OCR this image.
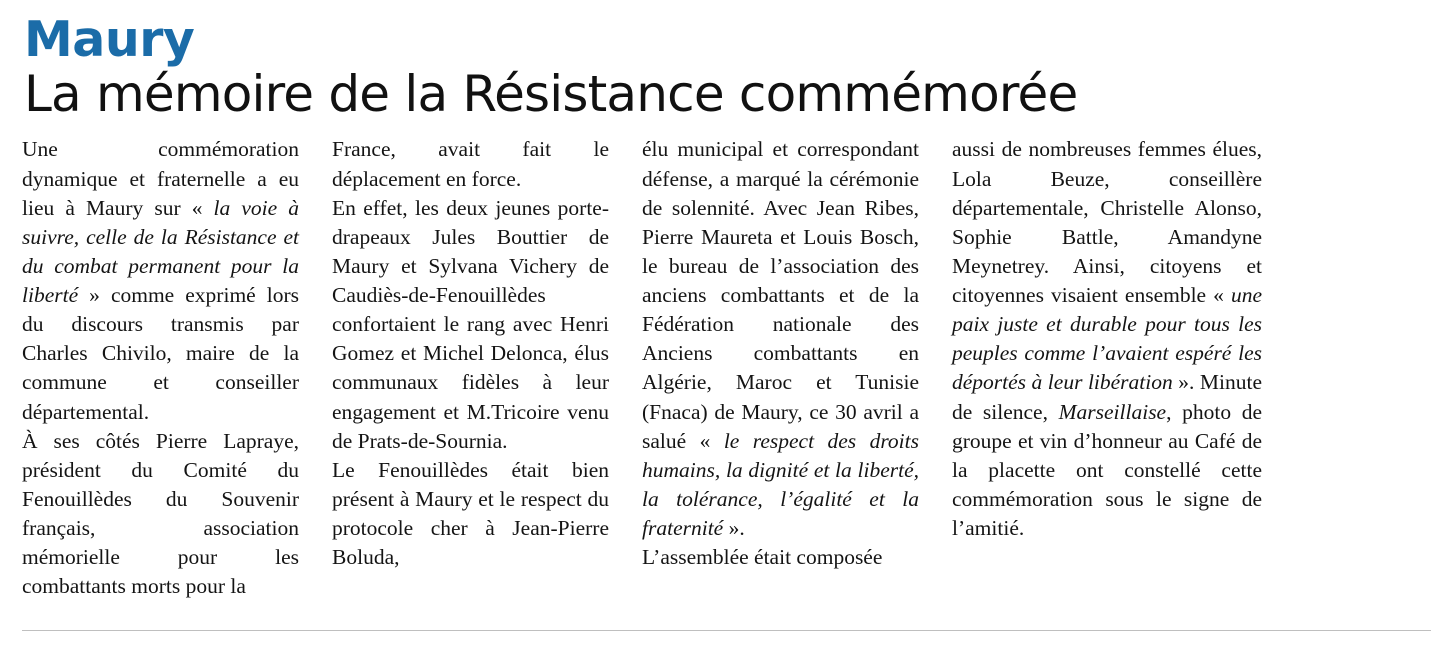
Maury
La mémoire de la Résistance commémorée

Une commémoration dynamique et fraternelle a eu lieu à Maury sur « la voie à suivre, celle de la Résistance et du combat permanent pour la liberté » comme exprimé lors du discours transmis par Charles Chivilo, maire de la commune et conseiller départemental.

À ses côtés Pierre Lapraye, président du Comité du Fenouillèdes du Souvenir français, association mémorielle pour les combattants morts pour la

France, avait fait le déplacement en force.

En effet, les deux jeunes porte-drapeaux Jules Bouttier de Maury et Sylvana Vichery de Caudiès-de-Fenouillèdes confortaient le rang avec Henri Gomez et Michel Delonca, élus communaux fidèles à leur engagement et M.Tricoire venu de Prats-de-Sournia.

Le Fenouillèdes était bien présent à Maury et le respect du protocole cher à Jean-Pierre Boluda,

élu municipal et correspondant défense, a marqué la cérémonie de solennité. Avec Jean Ribes, Pierre Maureta et Louis Bosch, le bureau de l’association des anciens combattants et de la Fédération nationale des Anciens combattants en Algérie, Maroc et Tunisie (Fnaca) de Maury, ce 30 avril a salué « le respect des droits humains, la dignité et la liberté, la tolérance, l’égalité et la fraternité ».

L’assemblée était composée

aussi de nombreuses femmes élues, Lola Beuze, conseillère départementale, Christelle Alonso, Sophie Battle, Amandyne Meynetrey. Ainsi, citoyens et citoyennes visaient ensemble « une paix juste et durable pour tous les peuples comme l’avaient espéré les déportés à leur libération ». Minute de silence, Marseillaise, photo de groupe et vin d’honneur au Café de la placette ont constellé cette commémoration sous le signe de l’amitié.
